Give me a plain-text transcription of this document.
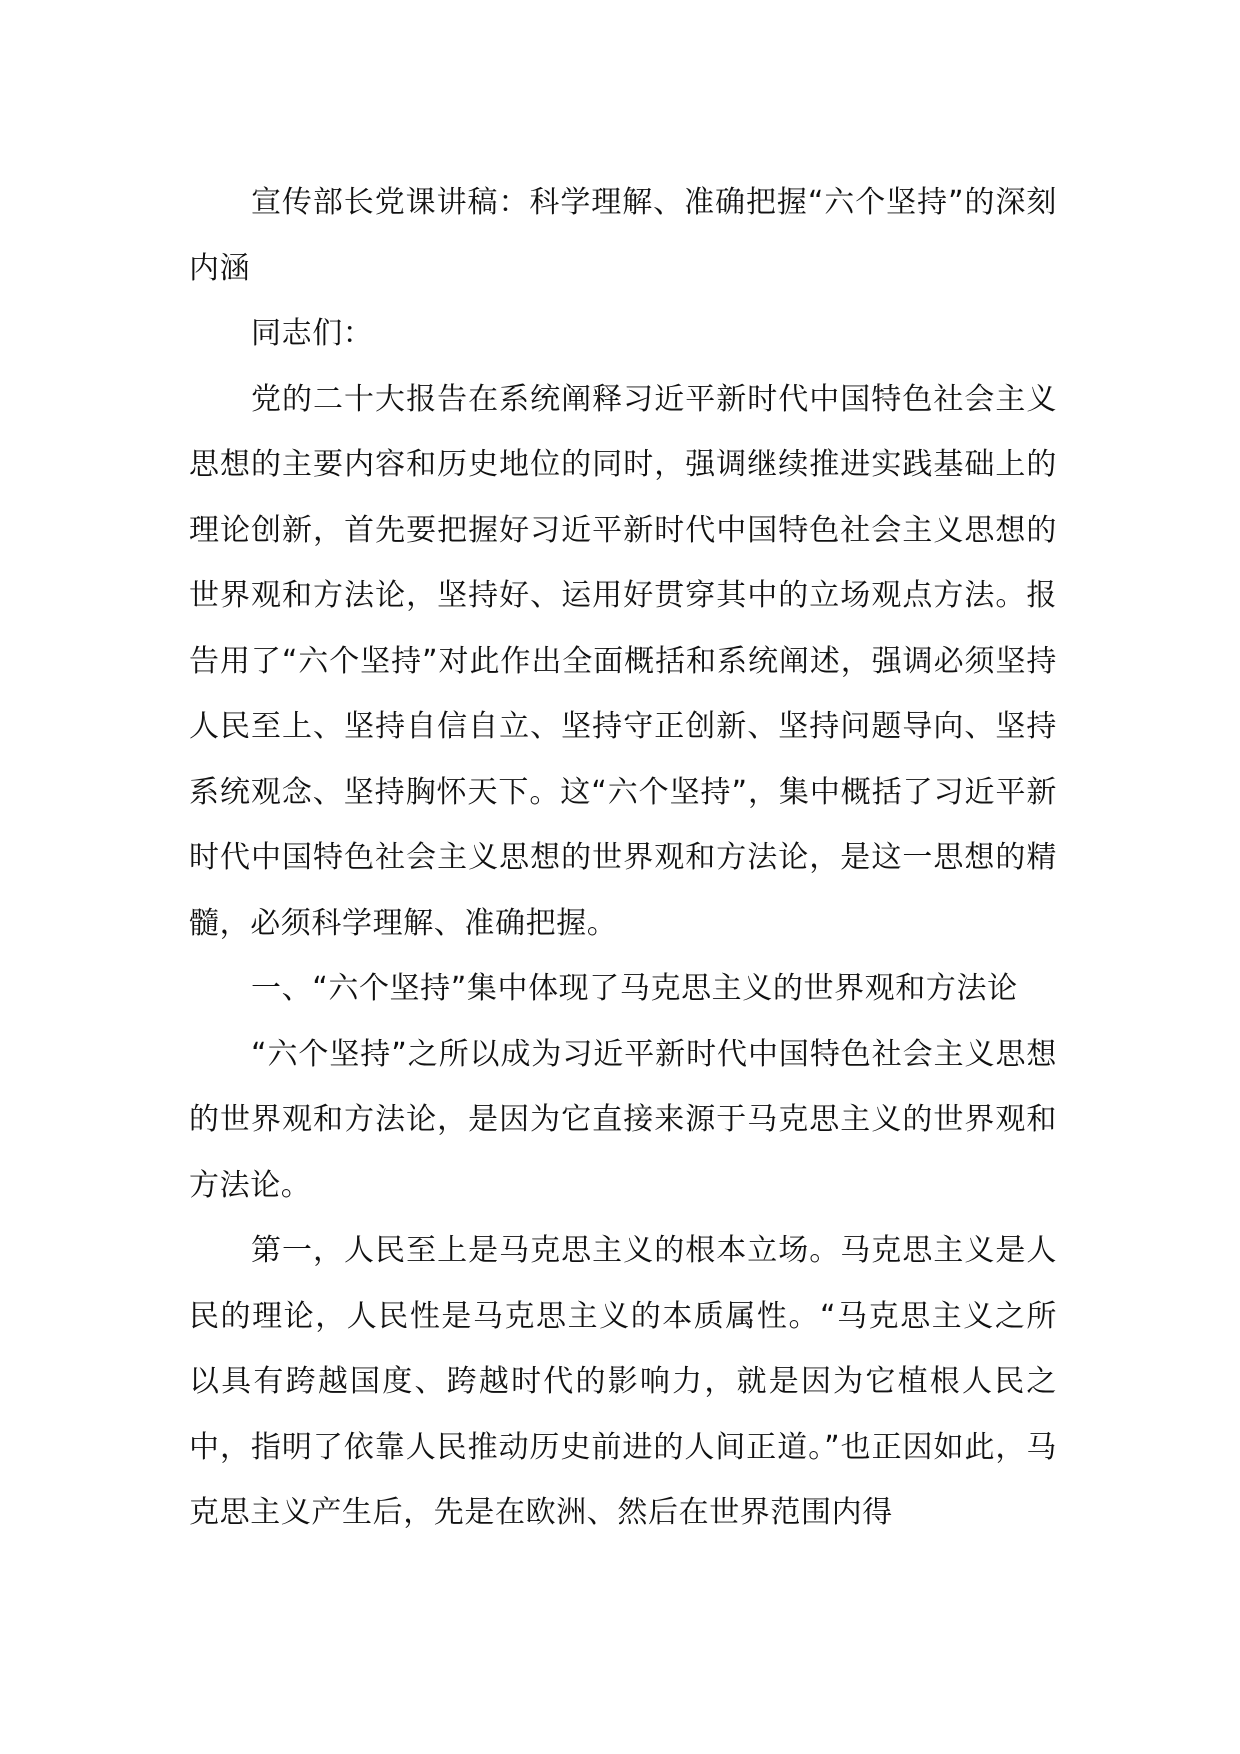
宣传部长党课讲稿：科学理解、准确把握“六个坚持”的深刻内涵

同志们：

党的二十大报告在系统阐释习近平新时代中国特色社会主义思想的主要内容和历史地位的同时，强调继续推进实践基础上的理论创新，首先要把握好习近平新时代中国特色社会主义思想的世界观和方法论，坚持好、运用好贯穿其中的立场观点方法。报告用了“六个坚持”对此作出全面概括和系统阐述，强调必须坚持人民至上、坚持自信自立、坚持守正创新、坚持问题导向、坚持系统观念、坚持胸怀天下。这“六个坚持”，集中概括了习近平新时代中国特色社会主义思想的世界观和方法论，是这一思想的精髓，必须科学理解、准确把握。

一、“六个坚持”集中体现了马克思主义的世界观和方法论

“六个坚持”之所以成为习近平新时代中国特色社会主义思想的世界观和方法论，是因为它直接来源于马克思主义的世界观和方法论。

第一，人民至上是马克思主义的根本立场。马克思主义是人民的理论，人民性是马克思主义的本质属性。“马克思主义之所以具有跨越国度、跨越时代的影响力，就是因为它植根人民之中，指明了依靠人民推动历史前进的人间正道。”也正因如此，马克思主义产生后，先是在欧洲、然后在世界范围内得
